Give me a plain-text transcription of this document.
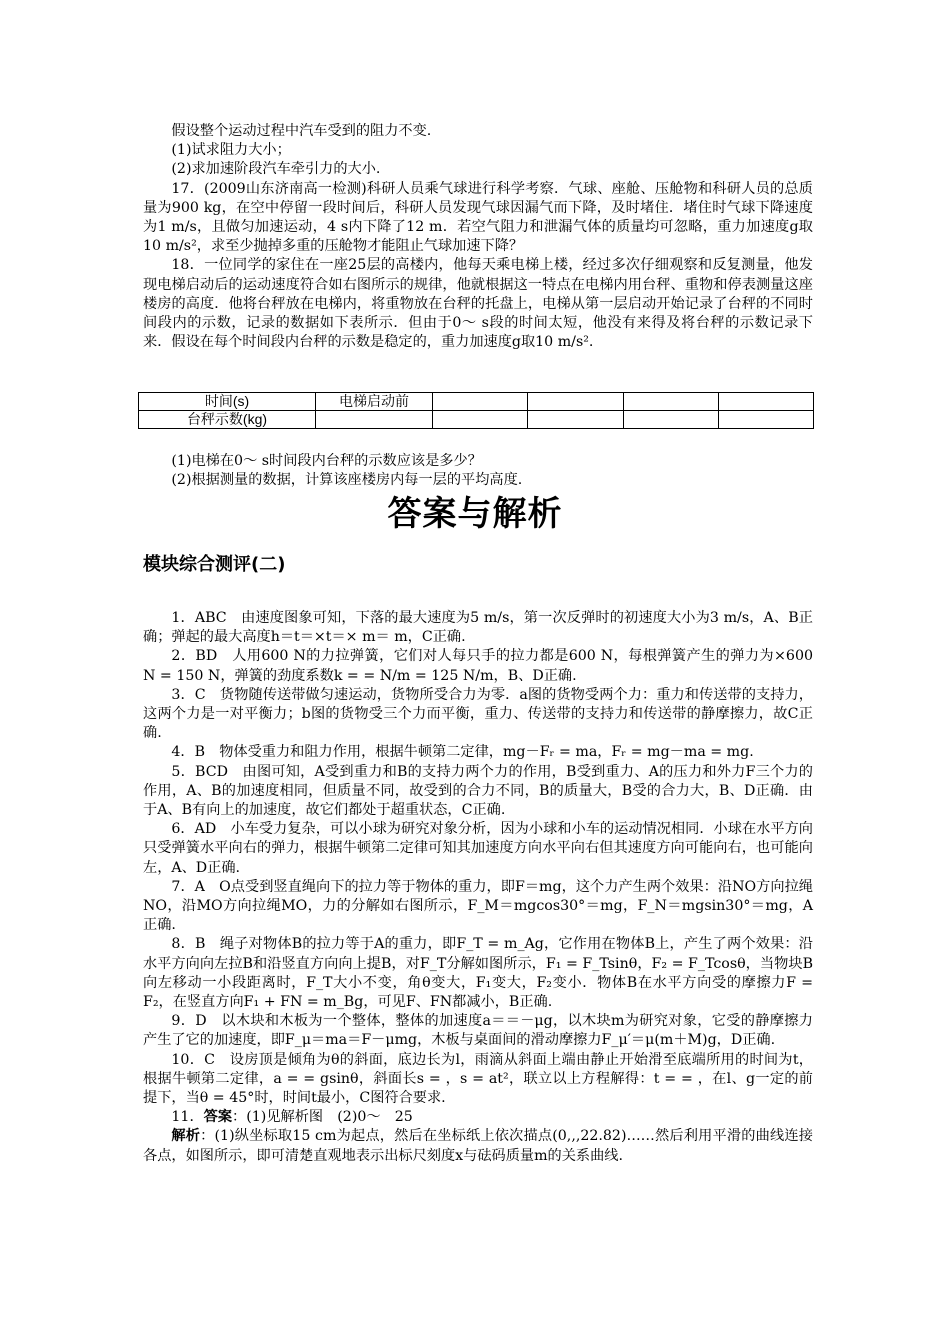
假设整个运动过程中汽车受到的阻力不变.

(1)试求阻力大小；

(2)求加速阶段汽车牵引力的大小.

17．(2009山东济南高一检测)科研人员乘气球进行科学考察．气球、座舱、压舱物和科研人员的总质量为900 kg，在空中停留一段时间后，科研人员发现气球因漏气而下降，及时堵住．堵住时气球下降速度为1 m/s，且做匀加速运动，4 s内下降了12 m．若空气阻力和泄漏气体的质量均可忽略，重力加速度g取10 m/s²，求至少抛掉多重的压舱物才能阻止气球加速下降？

18．一位同学的家住在一座25层的高楼内，他每天乘电梯上楼，经过多次仔细观察和反复测量，他发现电梯启动后的运动速度符合如右图所示的规律，他就根据这一特点在电梯内用台秤、重物和停表测量这座楼房的高度．他将台秤放在电梯内，将重物放在台秤的托盘上，电梯从第一层启动开始记录了台秤的不同时间段内的示数，记录的数据如下表所示．但由于0～ s段的时间太短，他没有来得及将台秤的示数记录下来．假设在每个时间段内台秤的示数是稳定的，重力加速度g取10 m/s².

时间(s)	电梯启动前				
台秤示数(kg)					

(1)电梯在0～ s时间段内台秤的示数应该是多少？

(2)根据测量的数据，计算该座楼房内每一层的平均高度.

答案与解析
模块综合测评(二)

1．ABC　由速度图象可知，下落的最大速度为5 m/s，第一次反弹时的初速度大小为3 m/s，A、B正确；弹起的最大高度h＝t＝×t＝× m＝ m，C正确.

2．BD　人用600 N的力拉弹簧，它们对人每只手的拉力都是600 N，每根弹簧产生的弹力为×600 N = 150 N，弹簧的劲度系数k = = N/m = 125 N/m，B、D正确.

3．C　货物随传送带做匀速运动，货物所受合力为零．a图的货物受两个力：重力和传送带的支持力，这两个力是一对平衡力；b图的货物受三个力而平衡，重力、传送带的支持力和传送带的静摩擦力，故C正确.

4．B　物体受重力和阻力作用，根据牛顿第二定律，mg－Fᵣ = ma，Fᵣ = mg－ma = mg.

5．BCD　由图可知，A受到重力和B的支持力两个力的作用，B受到重力、A的压力和外力F三个力的作用，A、B的加速度相同，但质量不同，故受到的合力不同，B的质量大，B受的合力大，B、D正确．由于A、B有向上的加速度，故它们都处于超重状态，C正确.

6．AD　小车受力复杂，可以小球为研究对象分析，因为小球和小车的运动情况相同．小球在水平方向只受弹簧水平向右的弹力，根据牛顿第二定律可知其加速度方向水平向右但其速度方向可能向右，也可能向左，A、D正确.

7．A　O点受到竖直绳向下的拉力等于物体的重力，即F＝mg，这个力产生两个效果：沿NO方向拉绳NO，沿MO方向拉绳MO，力的分解如右图所示，F_M＝mgcos30°＝mg，F_N＝mgsin30°＝mg，A正确.

8．B　绳子对物体B的拉力等于A的重力，即F_T = m_Ag，它作用在物体B上，产生了两个效果：沿水平方向向左拉B和沿竖直方向向上提B，对F_T分解如图所示，F₁ = F_Tsinθ，F₂ = F_Tcosθ，当物块B向左移动一小段距离时，F_T大小不变，角θ变大，F₁变大，F₂变小．物体B在水平方向受的摩擦力F = F₂，在竖直方向F₁ + FN = m_Bg，可见F、FN都减小，B正确.

9．D　以木块和木板为一个整体，整体的加速度a＝＝－μg，以木块m为研究对象，它受的静摩擦力产生了它的加速度，即F_μ＝ma＝F－μmg，木板与桌面间的滑动摩擦力F_μ′＝μ(m＋M)g，D正确.

10．C　设房顶是倾角为θ的斜面，底边长为l，雨滴从斜面上端由静止开始滑至底端所用的时间为t，根据牛顿第二定律，a = = gsinθ，斜面长s = ，s = at²，联立以上方程解得：t = = ，在l、g一定的前提下，当θ = 45°时，时间t最小，C图符合要求.

11．答案：(1)见解析图　(2)0～　25

解析：(1)纵坐标取15 cm为起点，然后在坐标纸上依次描点(0,,,22.82)……然后利用平滑的曲线连接各点，如图所示，即可清楚直观地表示出标尺刻度x与砝码质量m的关系曲线.
